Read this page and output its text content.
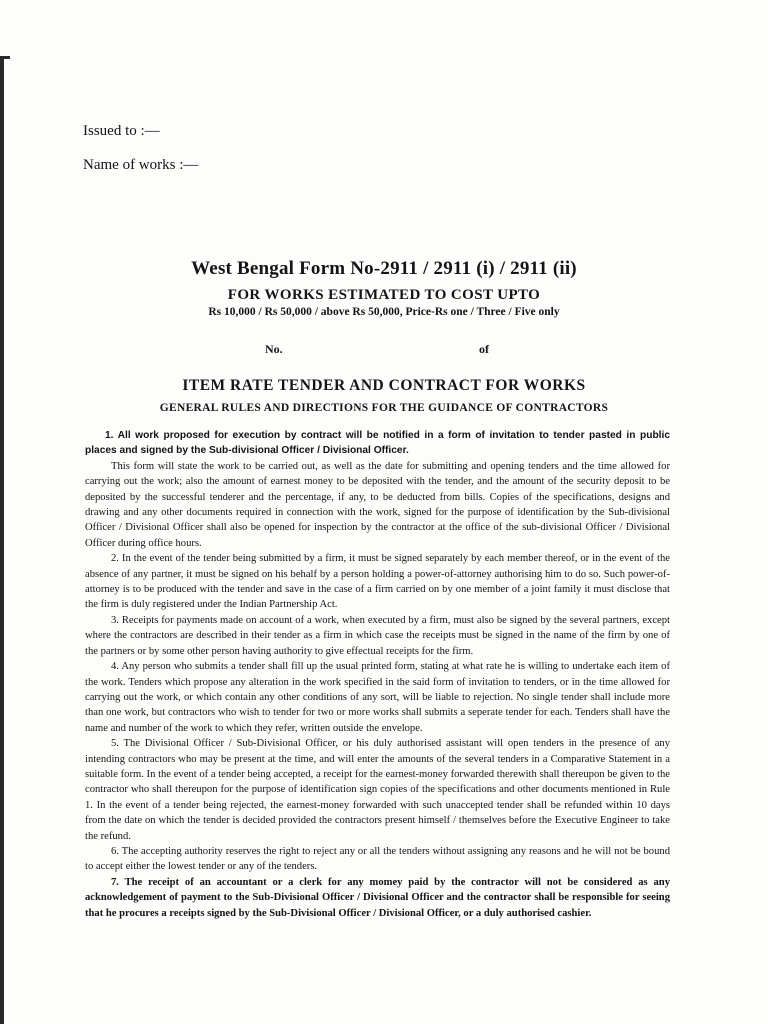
Issued to :—
Name of works :—
West Bengal Form No-2911 / 2911 (i) / 2911 (ii)
FOR WORKS ESTIMATED TO COST UPTO
Rs 10,000 / Rs 50,000 / above Rs 50,000, Price-Rs one / Three / Five only
No.	of
ITEM RATE TENDER AND CONTRACT FOR WORKS
GENERAL RULES AND DIRECTIONS FOR THE GUIDANCE OF CONTRACTORS

1. All work proposed for execution by contract will be notified in a form of invitation to tender pasted in public places and signed by the Sub-divisional Officer / Divisional Officer.

This form will state the work to be carried out, as well as the date for submitting and opening tenders and the time allowed for carrying out the work; also the amount of earnest money to be deposited with the tender, and the amount of the security deposit to be deposited by the successful tenderer and the percentage, if any, to be deducted from bills. Copies of the specifications, designs and drawing and any other documents required in connection with the work, signed for the purpose of identification by the Sub-divisional Officer / Divisional Officer shall also be opened for inspection by the contractor at the office of the sub-divisional Officer / Divisional Officer during office hours.

2. In the event of the tender being submitted by a firm, it must be signed separately by each member thereof, or in the event of the absence of any partner, it must be signed on his behalf by a person holding a power-of-attorney authorising him to do so. Such power-of-attorney is to be produced with the tender and save in the case of a firm carried on by one member of a joint family it must disclose that the firm is duly registered under the Indian Partnership Act.

3. Receipts for payments made on account of a work, when executed by a firm, must also be signed by the several partners, except where the contractors are described in their tender as a firm in which case the receipts must be signed in the name of the firm by one of the partners or by some other person having authority to give effectual receipts for the firm.

4. Any person who submits a tender shall fill up the usual printed form, stating at what rate he is willing to undertake each item of the work. Tenders which propose any alteration in the work specified in the said form of invitation to tenders, or in the time allowed for carrying out the work, or which contain any other conditions of any sort, will be liable to rejection. No single tender shall include more than one work, but contractors who wish to tender for two or more works shall submits a seperate tender for each. Tenders shall have the name and number of the work to which they refer, written outside the envelope.

5. The Divisional Officer / Sub-Divisional Officer, or his duly authorised assistant will open tenders in the presence of any intending contractors who may be present at the time, and will enter the amounts of the several tenders in a Comparative Statement in a suitable form. In the event of a tender being accepted, a receipt for the earnest-money forwarded therewith shall thereupon be given to the contractor who shall thereupon for the purpose of identification sign copies of the specifications and other documents mentioned in Rule 1. In the event of a tender being rejected, the earnest-money forwarded with such unaccepted tender shall be refunded within 10 days from the date on which the tender is decided provided the contractors present himself / themselves before the Executive Engineer to take the refund.

6. The accepting authority reserves the right to reject any or all the tenders without assigning any reasons and he will not be bound to accept either the lowest tender or any of the tenders.

7. The receipt of an accountant or a clerk for any momey paid by the contractor will not be considered as any acknowledgement of payment to the Sub-Divisional Officer / Divisional Officer and the contractor shall be responsible for seeing that he procures a receipts signed by the Sub-Divisional Officer / Divisional Officer, or a duly authorised cashier.
